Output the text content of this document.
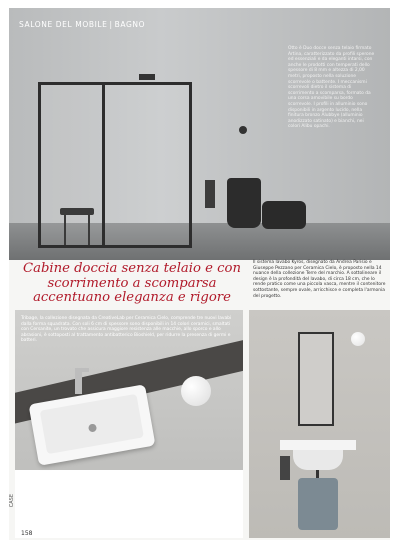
SALONE DEL MOBILE | BAGNO
Otto è Duo docce senza telaio firmato Artina, caratterizzato da profili sperone ed essenziali e da eleganti intarsi, con anche le prodotti con temperati dello spessore di 8 mm e altezza di 2,00 metri, proposto nella soluzione scorrevole o battente. I meccanismi scorrevoli dietro il sistema di scorrimento a scomparsa, formato da una corsa amovibile su bordo scorrevole. I profili in alluminio sono disponibili in argento lucido, nella finitura bronzo Alubbye (alluminio anodizzato satinato) e bianchi, nei colori Alibu opachi.
Cabine doccia senza telaio e con scorrimento a scomparsa accentuano eleganza e rigore
Il sistema lavabo Kyros, disegnato da Andrea Parisio e Giuseppe Pezzano per Ceramica Cielo, è proposto nella 14 nuance della collezione Terre del marchio. A sottolineare il design è la profondità del lavabo, di circa 18 cm, che lo rende pratico come una piccola vasca, mentre il contenitore sottostante, sempre ovale, arricchisce e completa l'armonia del progetto.
Tribage, la collezione disegnata da CreativeLab per Ceramica Cielo, comprende tre nuovi lavabi dalla forma squadrata. Con soli 6 cm di spessore sono disponibili in 14 colori ceramici, smaltati con Cersanite, un trovato che assicura maggiore resistenza alle macchie, allo sporco e allo abrasioni, è sottoposti al trattamento antibatterico Bioshield, per ridurre la presenza di germi e batteri.
CASE
158
